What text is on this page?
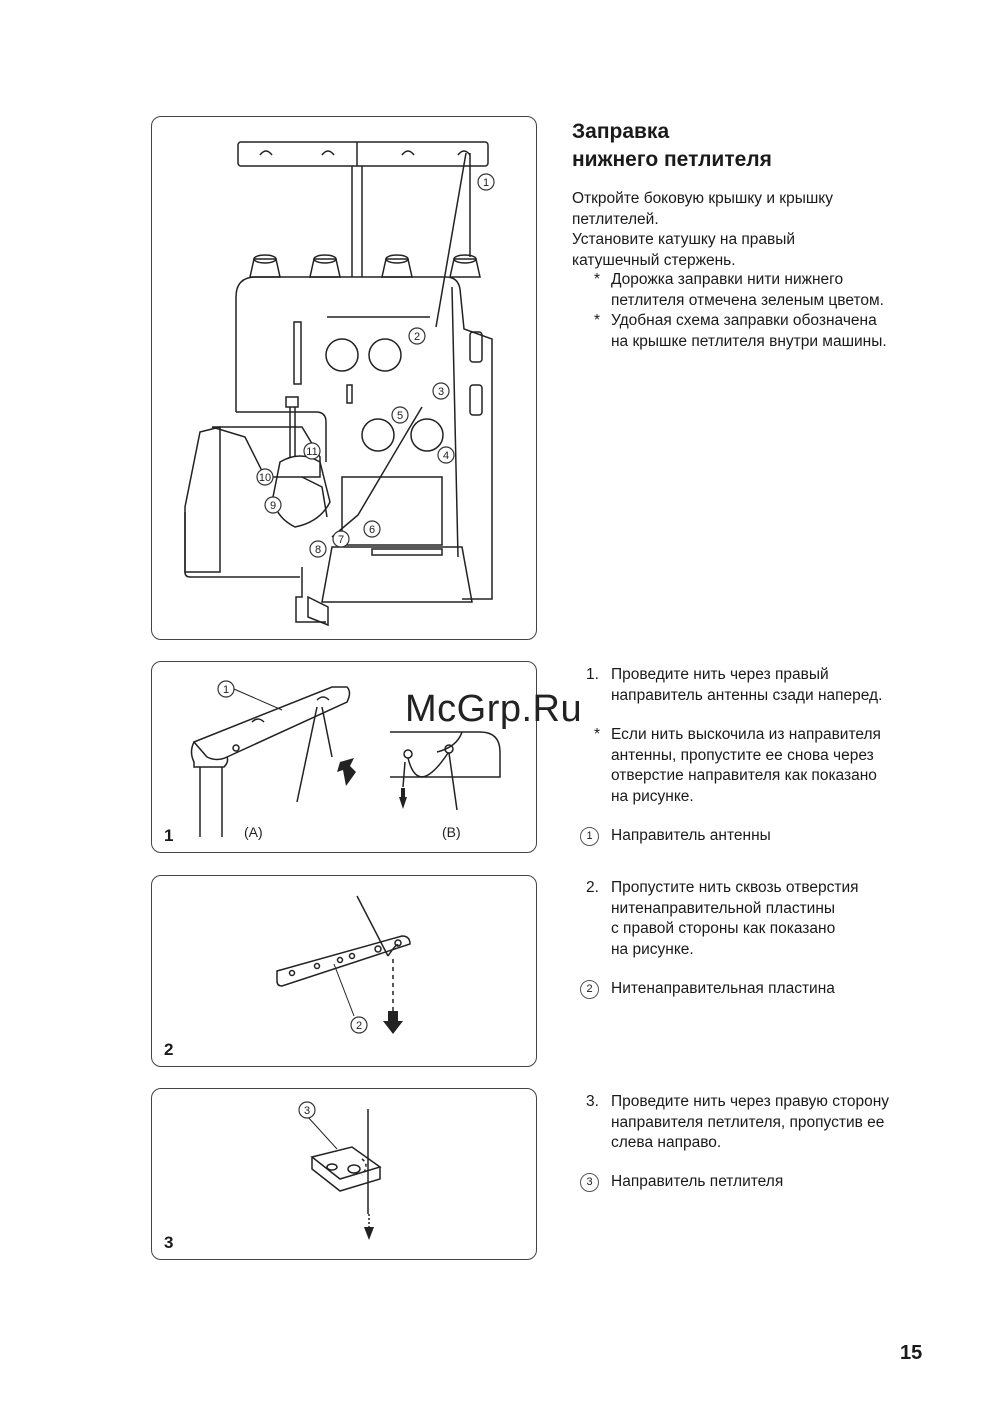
1
2
3
4
5
6
7
8
9
10
11
1
(A)	(B)
1
2
2
3
3
Заправка
нижнего петлителя
Откройте боковую крышку и крышку
петлителей.
Установите катушку на правый
катушечный стержень.
* Дорожка заправки нити нижнего
петлителя отмечена зеленым цветом.
* Удобная схема заправки обозначена
на крышке петлителя внутри машины.
1. Проведите нить через правый
направитель антенны сзади наперед.
McGrp.Ru
* Если нить выскочила из направителя
антенны, пропустите ее снова через
отверстие направителя как показано
на рисунке.
1	Направитель антенны
2. Пропустите нить сквозь отверстия
нитенаправительной пластины
с правой стороны как показано
на рисунке.
2	Нитенаправительная пластина
3. Проведите нить через правую сторону
направителя петлителя, пропустив ее
слева направо.
3	Направитель петлителя
15
